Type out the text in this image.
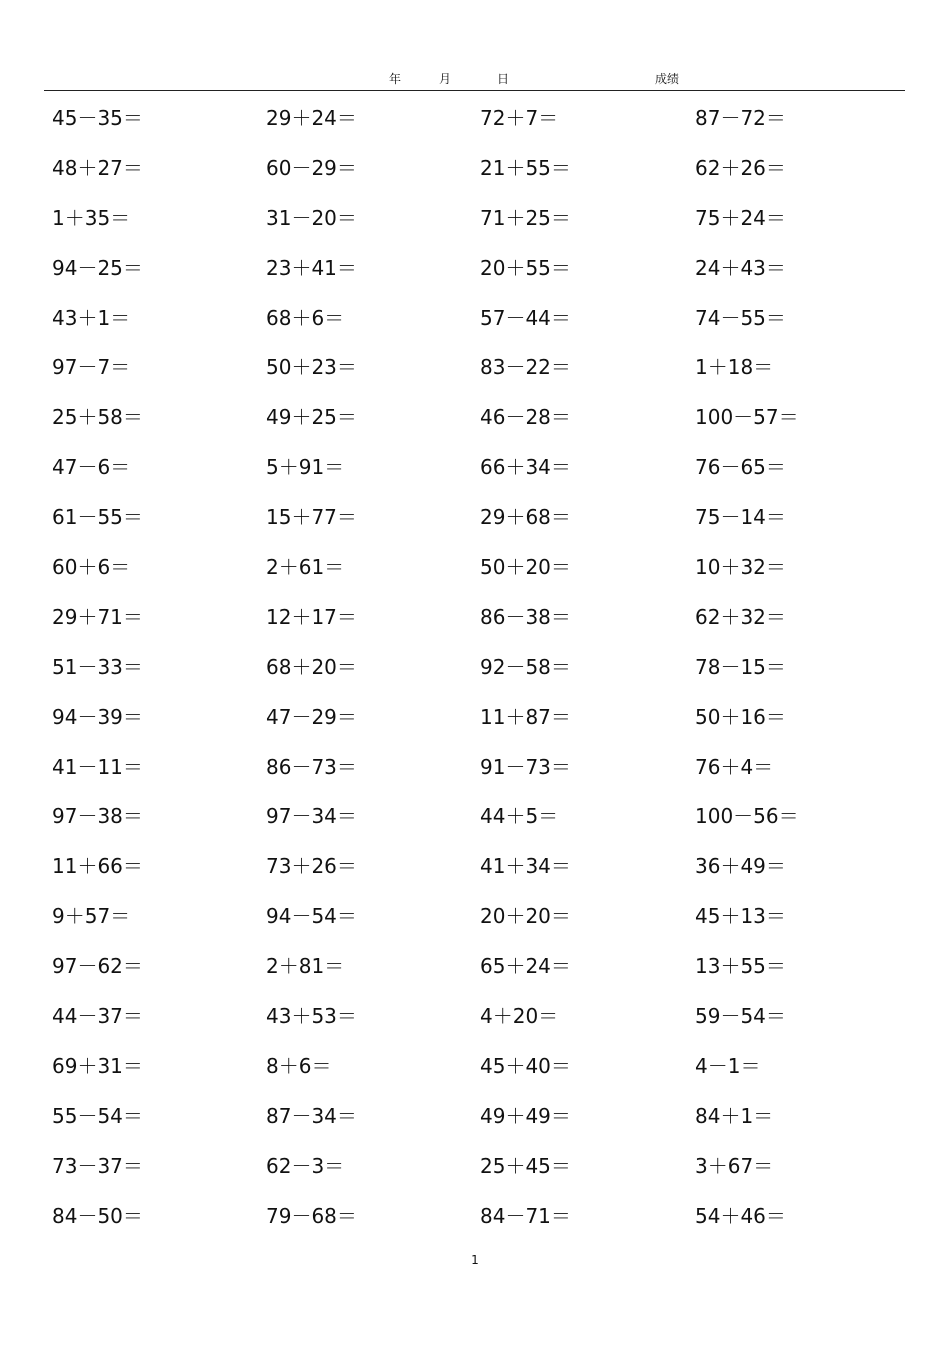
年	月	日	成绩
45－35＝	29＋24＝	72＋7＝	87－72＝
48＋27＝	60－29＝	21＋55＝	62＋26＝
1＋35＝	31－20＝	71＋25＝	75＋24＝
94－25＝	23＋41＝	20＋55＝	24＋43＝
43＋1＝	68＋6＝	57－44＝	74－55＝
97－7＝	50＋23＝	83－22＝	1＋18＝
25＋58＝	49＋25＝	46－28＝	100－57＝
47－6＝	5＋91＝	66＋34＝	76－65＝
61－55＝	15＋77＝	29＋68＝	75－14＝
60＋6＝	2＋61＝	50＋20＝	10＋32＝
29＋71＝	12＋17＝	86－38＝	62＋32＝
51－33＝	68＋20＝	92－58＝	78－15＝
94－39＝	47－29＝	11＋87＝	50＋16＝
41－11＝	86－73＝	91－73＝	76＋4＝
97－38＝	97－34＝	44＋5＝	100－56＝
11＋66＝	73＋26＝	41＋34＝	36＋49＝
9＋57＝	94－54＝	20＋20＝	45＋13＝
97－62＝	2＋81＝	65＋24＝	13＋55＝
44－37＝	43＋53＝	4＋20＝	59－54＝
69＋31＝	8＋6＝	45＋40＝	4－1＝
55－54＝	87－34＝	49＋49＝	84＋1＝
73－37＝	62－3＝	25＋45＝	3＋67＝
84－50＝	79－68＝	84－71＝	54＋46＝
1
